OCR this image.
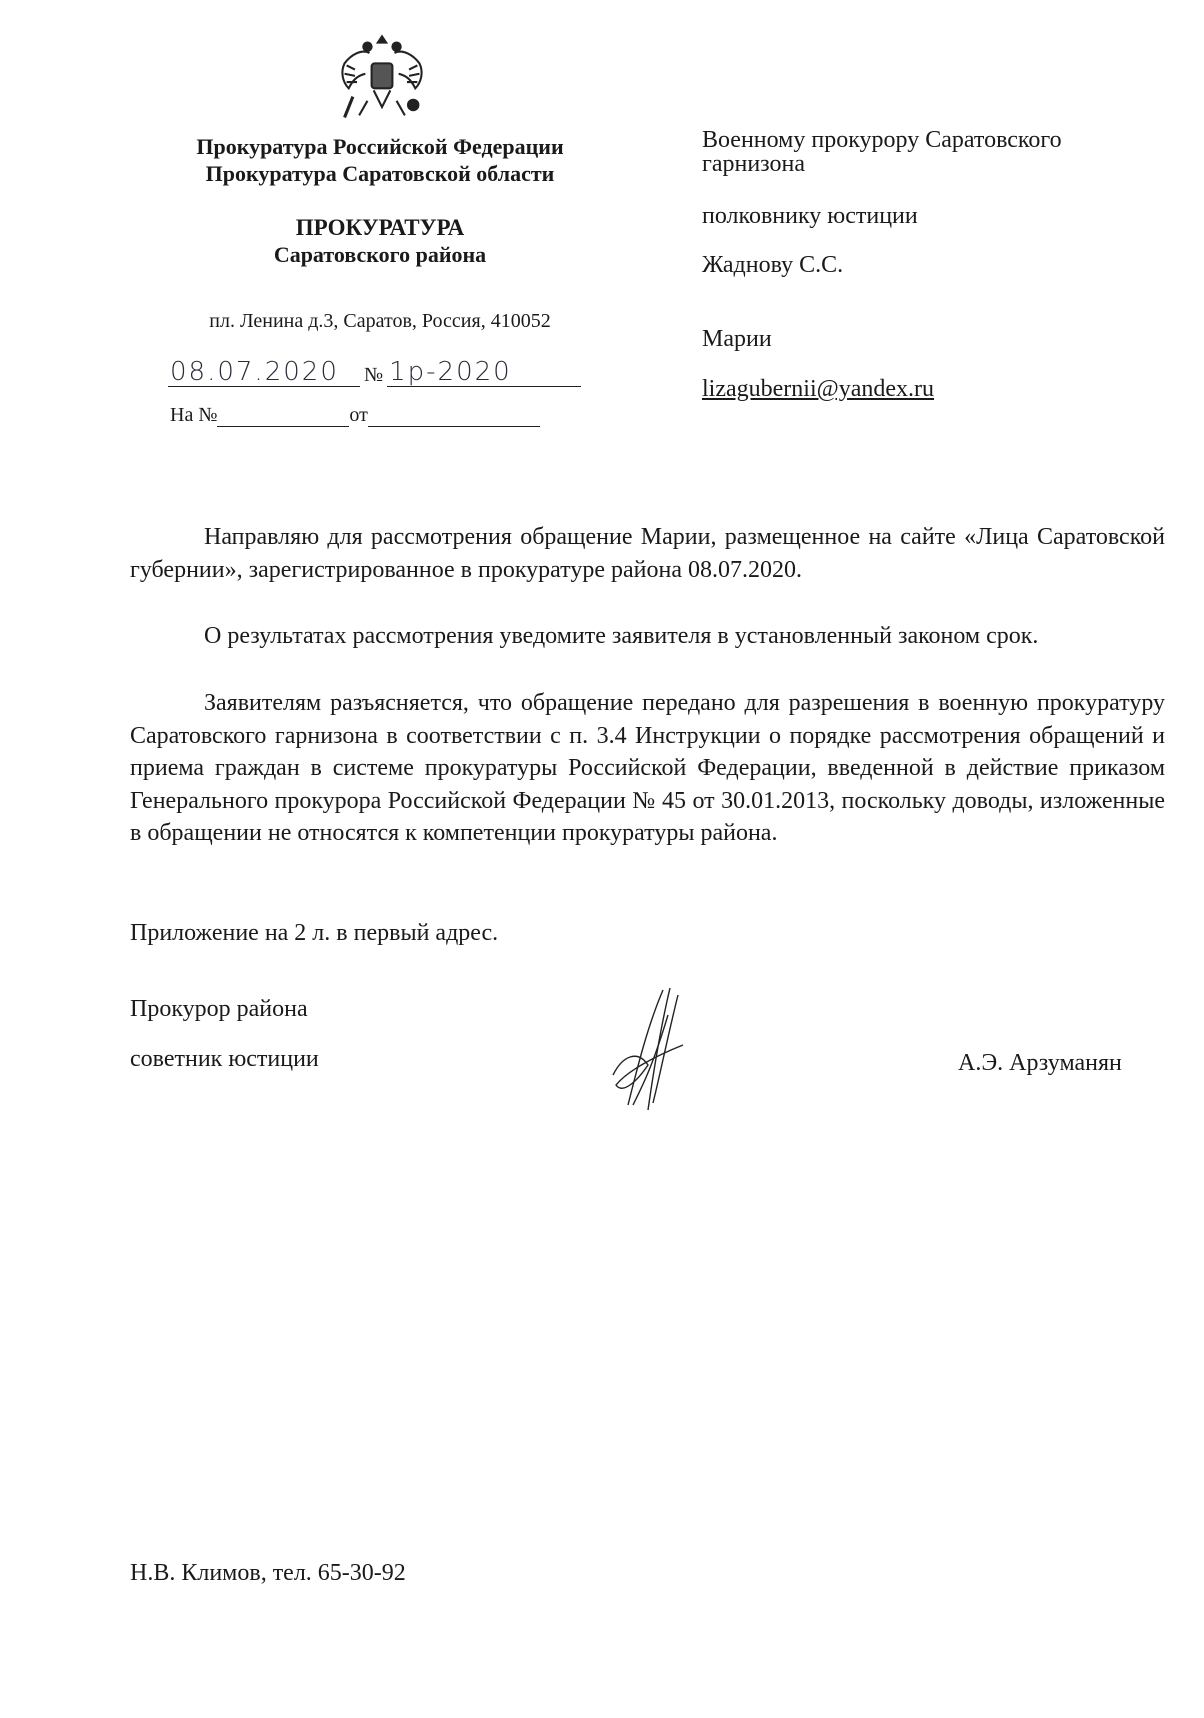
Прокуратура Российской Федерации
Прокуратура Саратовской области
ПРОКУРАТУРА
Саратовского района
пл. Ленина д.3, Саратов, Россия, 410052
08.07.2020	№ 1р-2020
На №	от
Военному прокурору Саратовского
гарнизона
полковнику юстиции
Жаднову С.С.
Марии
lizagubernii@yandex.ru

Направляю для рассмотрения обращение Марии, размещенное на сайте «Лица Саратовской губернии», зарегистрированное в прокуратуре района 08.07.2020.

О результатах рассмотрения уведомите заявителя в установленный законом срок.

Заявителям разъясняется, что обращение передано для разрешения в военную прокуратуру Саратовского гарнизона в соответствии с п. 3.4 Инструкции о порядке рассмотрения обращений и приема граждан в системе прокуратуры Российской Федерации, введенной в действие приказом Генерального прокурора Российской Федерации № 45 от 30.01.2013, поскольку доводы, изложенные в обращении не относятся к компетенции прокуратуры района.

Приложение на 2 л. в первый адрес.
Прокурор района
советник юстиции	А.Э. Арзуманян
Н.В. Климов, тел. 65-30-92
